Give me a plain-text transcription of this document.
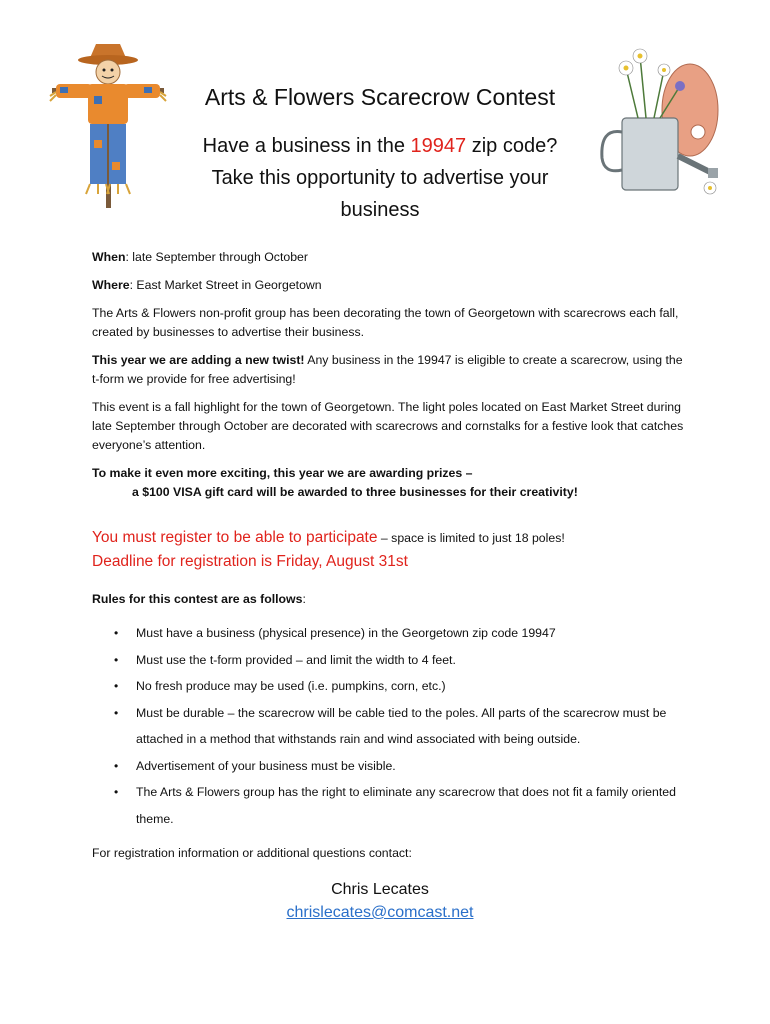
Arts & Flowers Scarecrow Contest
Have a business in the 19947 zip code?
Take this opportunity to advertise your
business

When: late September through October

Where: East Market Street in Georgetown

The Arts & Flowers non-profit group has been decorating the town of Georgetown with scarecrows each fall, created by businesses to advertise their business.

This year we are adding a new twist! Any business in the 19947 is eligible to create a scarecrow, using the t-form we provide for free advertising!

This event is a fall highlight for the town of Georgetown. The light poles located on East Market Street during late September through October are decorated with scarecrows and cornstalks for a festive look that catches everyone’s attention.

To make it even more exciting, this year we are awarding prizes –
a $100 VISA gift card will be awarded to three businesses for their creativity!

You must register to be able to participate – space is limited to just 18 poles!
Deadline for registration is Friday, August 31st
Rules for this contest are as follows:
• Must have a business (physical presence) in the Georgetown zip code 19947
• Must use the t-form provided – and limit the width to 4 feet.
• No fresh produce may be used (i.e. pumpkins, corn, etc.)
• Must be durable – the scarecrow will be cable tied to the poles. All parts of the scarecrow must be attached in a method that withstands rain and wind associated with being outside.
• Advertisement of your business must be visible.
• The Arts & Flowers group has the right to eliminate any scarecrow that does not fit a family oriented theme.
For registration information or additional questions contact:
Chris Lecates
chrislecates@comcast.net
